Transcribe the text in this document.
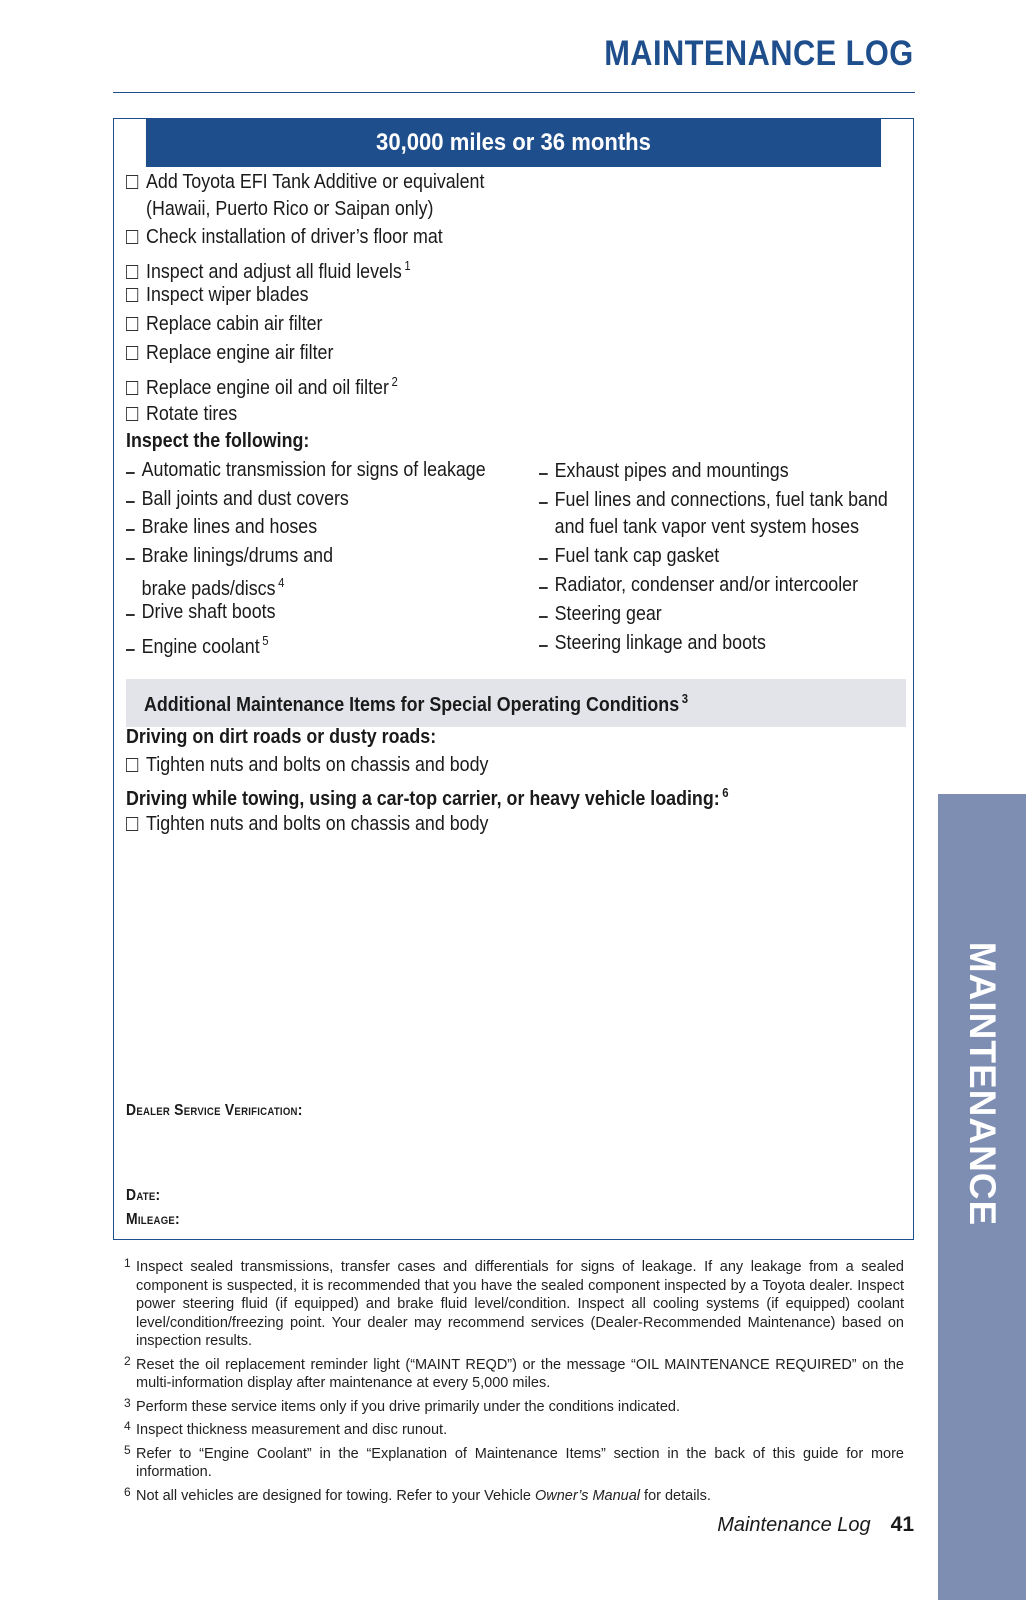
MAINTENANCE LOG
30,000 miles or 36 months
Add Toyota EFI Tank Additive or equivalent
(Hawaii, Puerto Rico or Saipan only)
Check installation of driver’s floor mat
Inspect and adjust all fluid levels $^1$
Inspect wiper blades
Replace cabin air filter
Replace engine air filter
Replace engine oil and oil filter $^2$
Rotate tires
Inspect the following:
Automatic transmission for signs of leakage
Ball joints and dust covers
Brake lines and hoses
Brake linings/drums and
brake pads/discs $^4$
Drive shaft boots
Engine coolant $^5$
Exhaust pipes and mountings
Fuel lines and connections, fuel tank band
and fuel tank vapor vent system hoses
Fuel tank cap gasket
Radiator, condenser and/or intercooler
Steering gear
Steering linkage and boots
Additional Maintenance Items for Special Operating Conditions $^3$
Driving on dirt roads or dusty roads:
Tighten nuts and bolts on chassis and body
Driving while towing, using a car-top carrier, or heavy vehicle loading: $^6$
Tighten nuts and bolts on chassis and body
Dealer Service Verification:
Date:
Mileage:
1 Inspect sealed transmissions, transfer cases and differentials for signs of leakage. If any leakage from a sealed component is suspected, it is recommended that you have the sealed component inspected by a Toyota dealer. Inspect power steering fluid (if equipped) and brake fluid level/condition. Inspect all cooling systems (if equipped) coolant level/condition/freezing point. Your dealer may recommend services (Dealer-Recommended Maintenance) based on inspection results.
2 Reset the oil replacement reminder light (“MAINT REQD”) or the message “OIL MAINTENANCE REQUIRED” on the multi-information display after maintenance at every 5,000 miles.
3 Perform these service items only if you drive primarily under the conditions indicated.
4 Inspect thickness measurement and disc runout.
5 Refer to “Engine Coolant” in the “Explanation of Maintenance Items” section in the back of this guide for more information.
6 Not all vehicles are designed for towing. Refer to your Vehicle Owner’s Manual for details.
Maintenance Log 41
MAINTENANCE
